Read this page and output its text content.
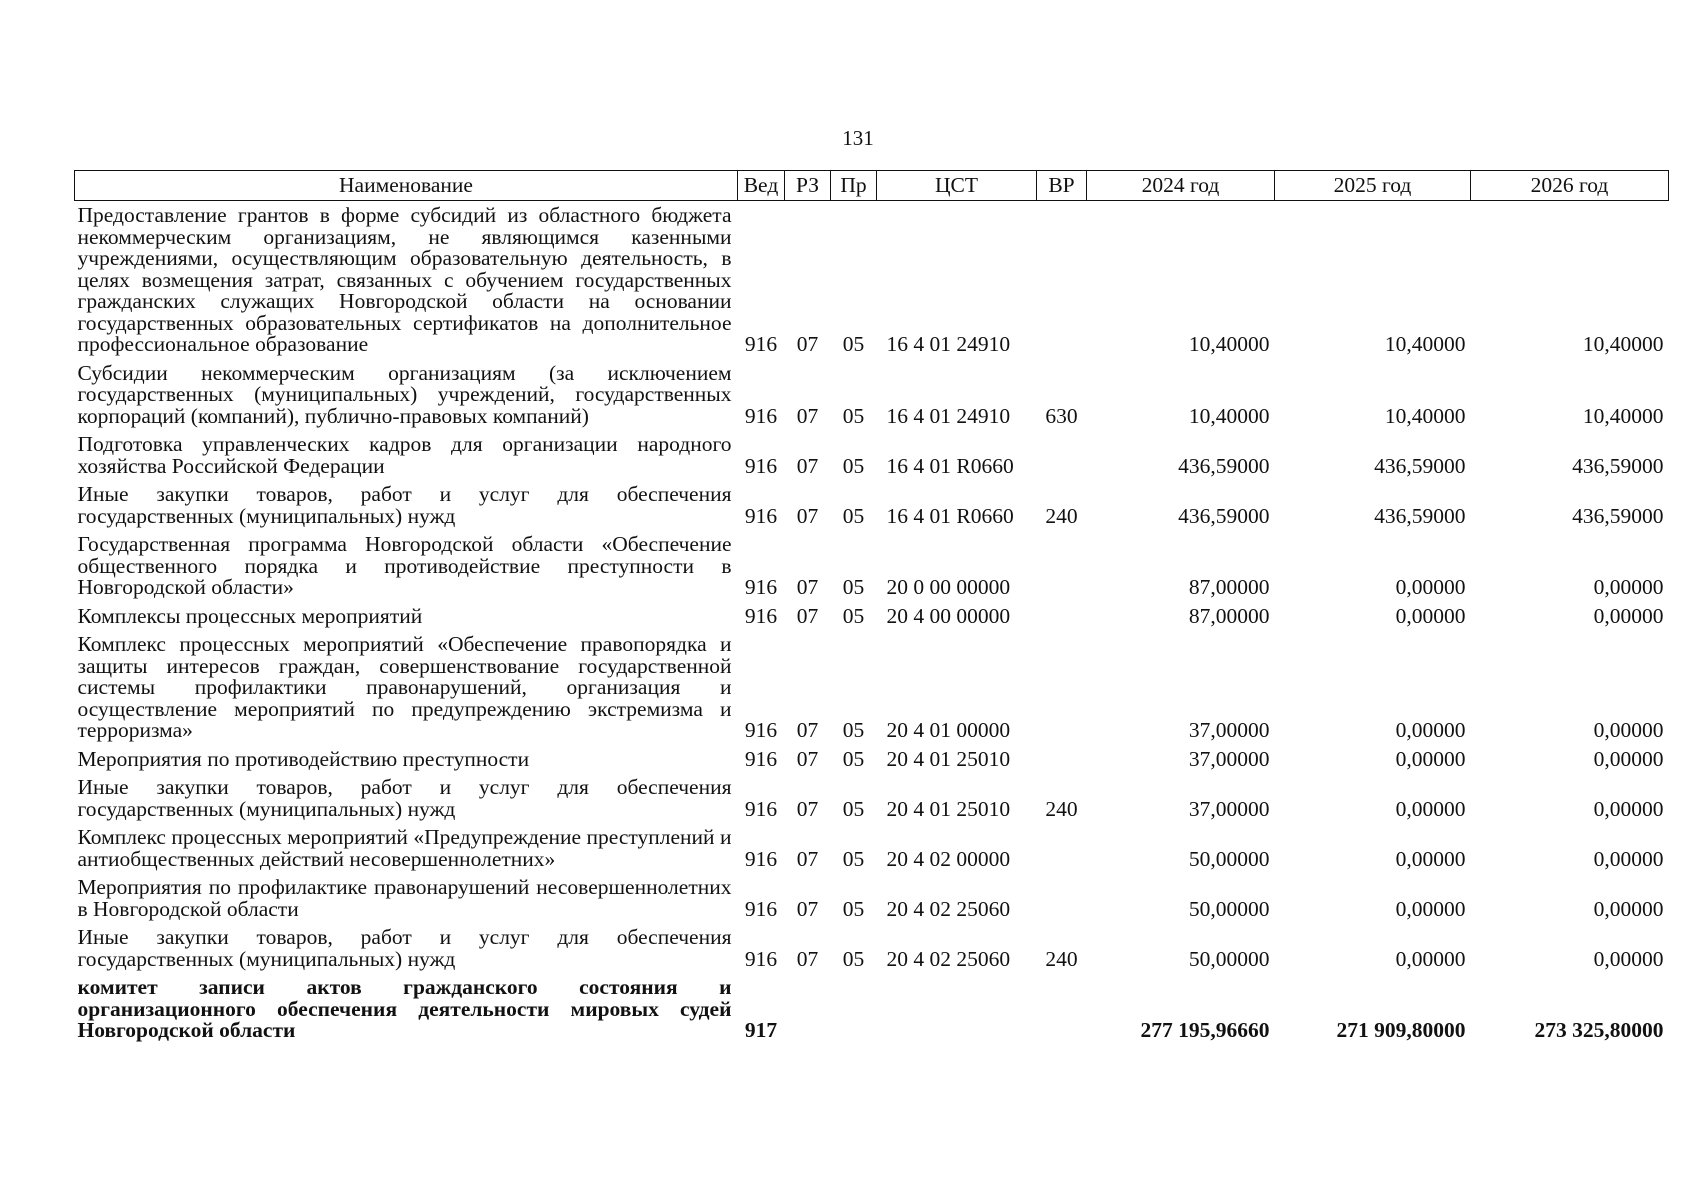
131
Наименование	Вед	РЗ	Пр	ЦСТ	ВР	2024 год	2025 год	2026 год
Предоставление грантов в форме субсидий из областного бюджета некоммерческим организациям, не являющимся казенными учреждениями, осуществляющим образовательную деятельность, в целях возмещения затрат, связанных с обучением государственных гражданских служащих Новгородской области на основании государственных образовательных сертификатов на дополнительное профессиональное образование	916	07	05	16 4 01 24910		10,40000	10,40000	10,40000
Субсидии некоммерческим организациям (за исключением государственных (муниципальных) учреждений, государственных корпораций (компаний), публично-правовых компаний)	916	07	05	16 4 01 24910	630	10,40000	10,40000	10,40000
Подготовка управленческих кадров для организации народного хозяйства Российской Федерации	916	07	05	16 4 01 R0660		436,59000	436,59000	436,59000
Иные закупки товаров, работ и услуг для обеспечения государственных (муниципальных) нужд	916	07	05	16 4 01 R0660	240	436,59000	436,59000	436,59000
Государственная программа Новгородской области «Обеспечение общественного порядка и противодействие преступности в Новгородской области»	916	07	05	20 0 00 00000		87,00000	0,00000	0,00000
Комплексы процессных мероприятий	916	07	05	20 4 00 00000		87,00000	0,00000	0,00000
Комплекс процессных мероприятий «Обеспечение правопорядка и защиты интересов граждан, совершенствование государственной системы профилактики правонарушений, организация и осуществление мероприятий по предупреждению экстремизма и терроризма»	916	07	05	20 4 01 00000		37,00000	0,00000	0,00000
Мероприятия по противодействию преступности	916	07	05	20 4 01 25010		37,00000	0,00000	0,00000
Иные закупки товаров, работ и услуг для обеспечения государственных (муниципальных) нужд	916	07	05	20 4 01 25010	240	37,00000	0,00000	0,00000
Комплекс процессных мероприятий «Предупреждение преступлений и антиобщественных действий несовершеннолетних»	916	07	05	20 4 02 00000		50,00000	0,00000	0,00000
Мероприятия по профилактике правонарушений несовершеннолетних в Новгородской области	916	07	05	20 4 02 25060		50,00000	0,00000	0,00000
Иные закупки товаров, работ и услуг для обеспечения государственных (муниципальных) нужд	916	07	05	20 4 02 25060	240	50,00000	0,00000	0,00000
комитет записи актов гражданского состояния и организационного обеспечения деятельности мировых судей Новгородской области	917					277 195,96660	271 909,80000	273 325,80000
